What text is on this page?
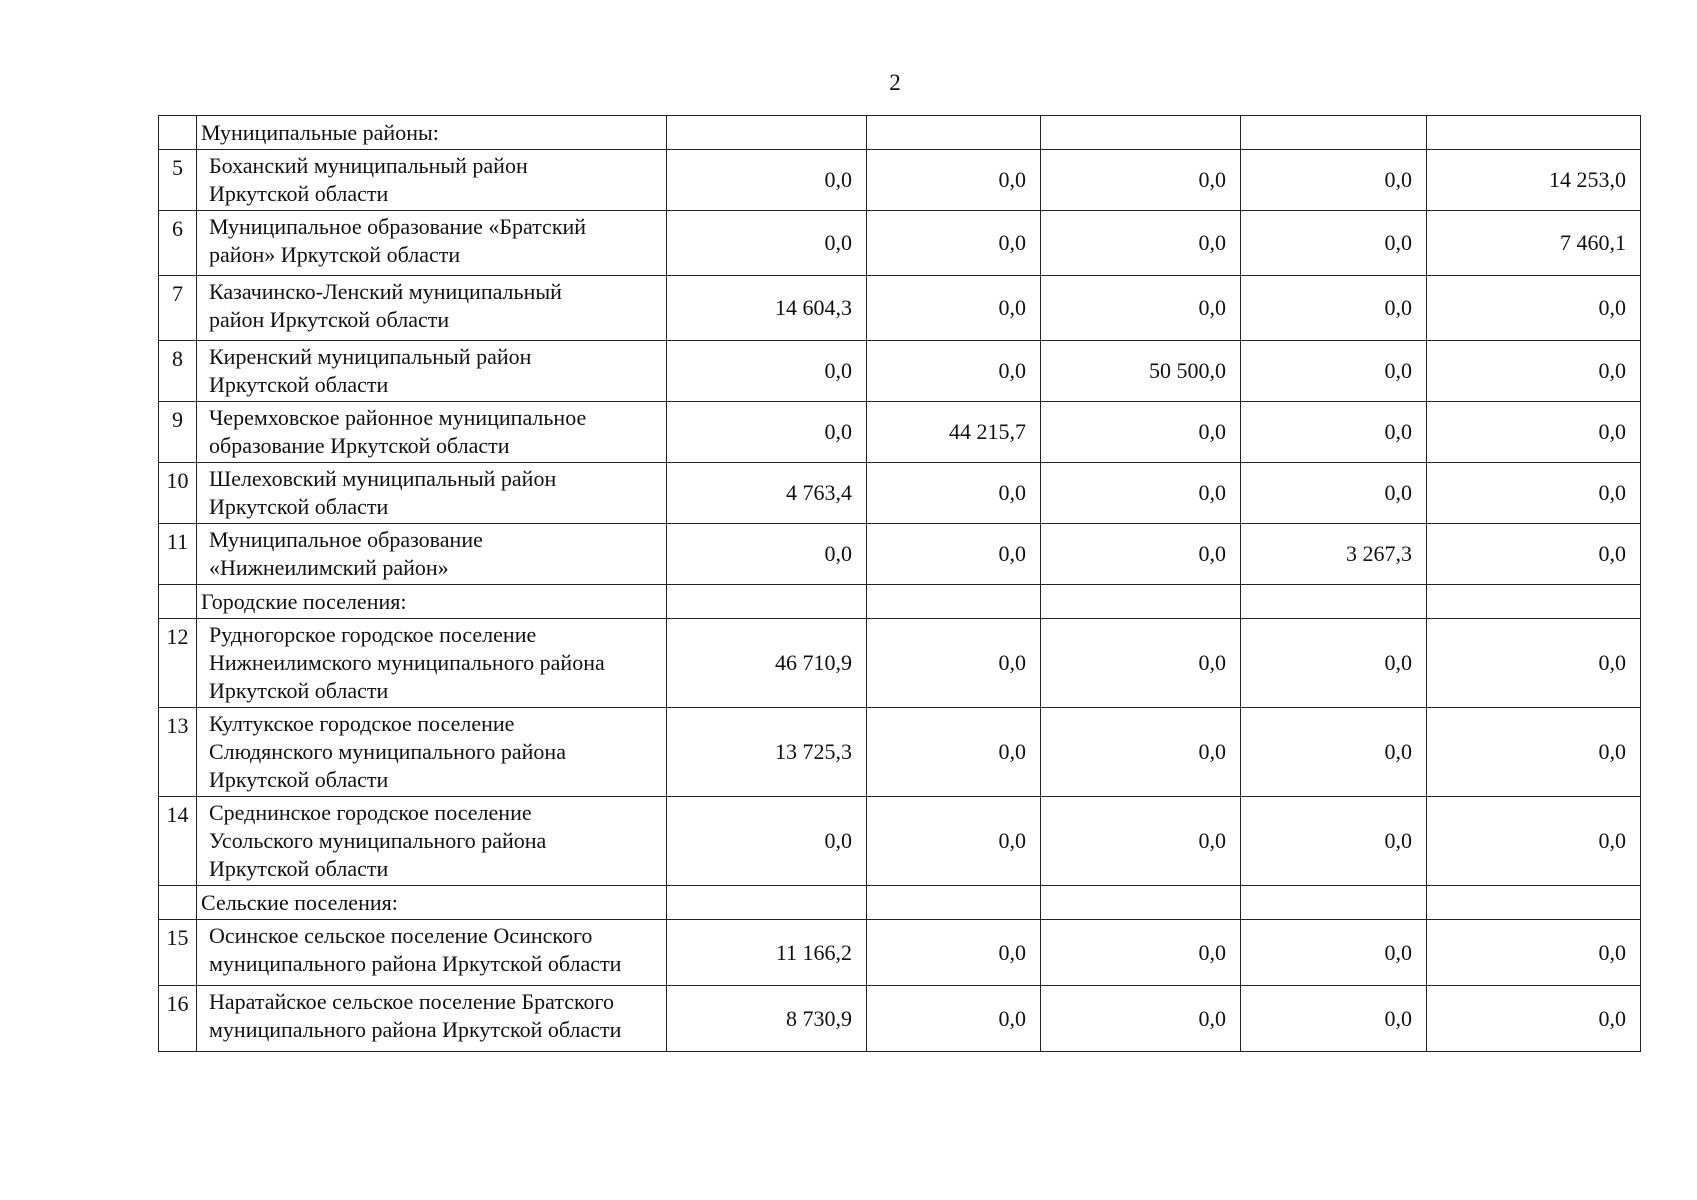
2
	Муниципальные районы:					
5	Боханский муниципальный район
Иркутской области	0,0	0,0	0,0	0,0	14 253,0
6	Муниципальное образование «Братский
район» Иркутской области	0,0	0,0	0,0	0,0	7 460,1
7	Казачинско-Ленский муниципальный
район Иркутской области	14 604,3	0,0	0,0	0,0	0,0
8	Киренский муниципальный район
Иркутской области	0,0	0,0	50 500,0	0,0	0,0
9	Черемховское районное муниципальное
образование Иркутской области	0,0	44 215,7	0,0	0,0	0,0
10	Шелеховский муниципальный район
Иркутской области	4 763,4	0,0	0,0	0,0	0,0
11	Муниципальное образование
«Нижнеилимский район»	0,0	0,0	0,0	3 267,3	0,0
	Городские поселения:					
12	Рудногорское городское поселение
Нижнеилимского муниципального района
Иркутской области	46 710,9	0,0	0,0	0,0	0,0
13	Култукское городское поселение
Слюдянского муниципального района
Иркутской области	13 725,3	0,0	0,0	0,0	0,0
14	Среднинское городское поселение
Усольского муниципального района
Иркутской области	0,0	0,0	0,0	0,0	0,0
	Сельские поселения:					
15	Осинское сельское поселение Осинского
муниципального района Иркутской области	11 166,2	0,0	0,0	0,0	0,0
16	Наратайское сельское поселение Братского
муниципального района Иркутской области	8 730,9	0,0	0,0	0,0	0,0
